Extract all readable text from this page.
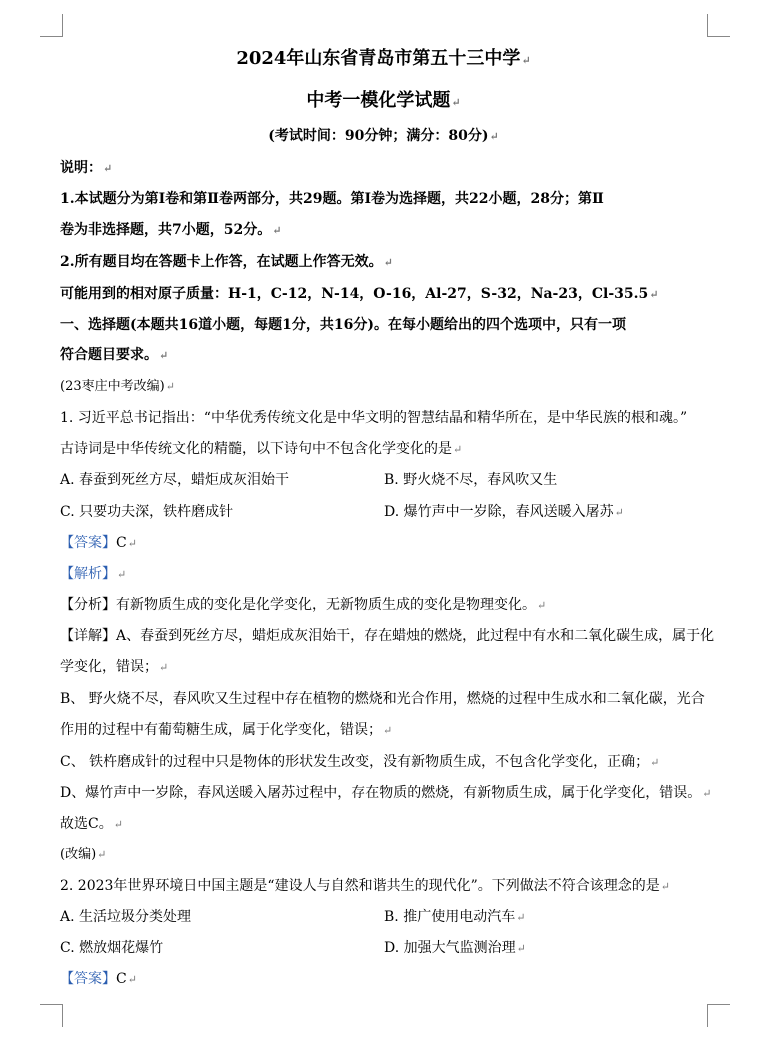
2024年山东省青岛市第五十三中学↵
中考一模化学试题↵
(考试时间：90分钟；满分：80分)↵
说明：↵
1.本试题分为第Ⅰ卷和第Ⅱ卷两部分，共29题。第Ⅰ卷为选择题，共22小题，28分；第Ⅱ
卷为非选择题，共7小题，52分。↵
2.所有题目均在答题卡上作答，在试题上作答无效。↵
可能用到的相对原子质量：H-1，C-12，N-14，O-16，Al-27，S-32，Na-23，Cl-35.5↵
一、选择题(本题共16道小题，每题1分，共16分)。在每小题给出的四个选项中，只有一项
符合题目要求。↵
(23枣庄中考改编)↵
1. 习近平总书记指出：“中华优秀传统文化是中华文明的智慧结晶和精华所在，是中华民族的根和魂。”
古诗词是中华传统文化的精髓，以下诗句中不包含化学变化的是↵
A. 春蚕到死丝方尽，蜡炬成灰泪始干	B. 野火烧不尽，春风吹又生
C. 只要功夫深，铁杵磨成针	D. 爆竹声中一岁除，春风送暖入屠苏↵
【答案】C↵
【解析】↵
【分析】有新物质生成的变化是化学变化，无新物质生成的变化是物理变化。↵
【详解】A、春蚕到死丝方尽，蜡炬成灰泪始干，存在蜡烛的燃烧，此过程中有水和二氧化碳生成，属于化
学变化，错误；↵
B、 野火烧不尽，春风吹又生过程中存在植物的燃烧和光合作用，燃烧的过程中生成水和二氧化碳，光合
作用的过程中有葡萄糖生成，属于化学变化，错误；↵
C、 铁杵磨成针的过程中只是物体的形状发生改变，没有新物质生成，不包含化学变化，正确；↵
D、爆竹声中一岁除，春风送暖入屠苏过程中，存在物质的燃烧，有新物质生成，属于化学变化，错误。↵
故选C。↵
(改编)↵
2. 2023年世界环境日中国主题是“建设人与自然和谐共生的现代化”。下列做法不符合该理念的是↵
A. 生活垃圾分类处理	B. 推广使用电动汽车↵
C. 燃放烟花爆竹	D. 加强大气监测治理↵
【答案】C↵
